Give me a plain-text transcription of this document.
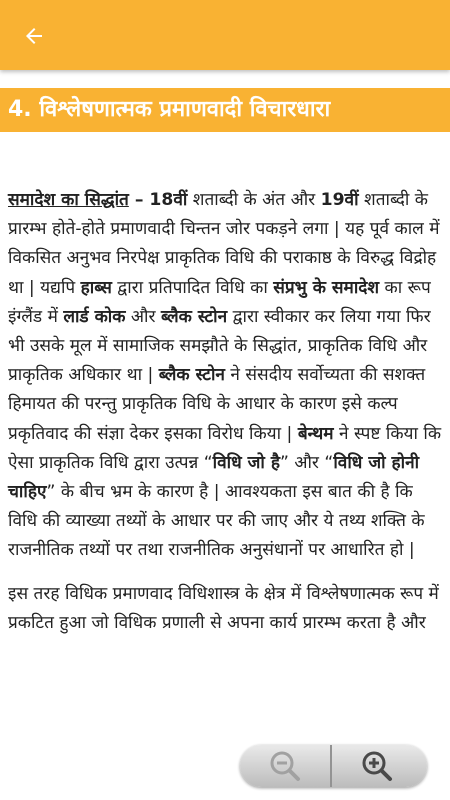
4. विश्लेषणात्मक प्रमाणवादी विचारधारा

समादेश का सिद्धांत – 18वीं शताब्दी के अंत और 19वीं शताब्दी के प्रारम्भ होते-होते प्रमाणवादी चिन्तन जोर पकड़ने लगा | यह पूर्व काल में विकसित अनुभव निरपेक्ष प्राकृतिक विधि की पराकाष्ठ के विरुद्ध विद्रोह था | यद्यपि हाब्स द्वारा प्रतिपादित विधि का संप्रभु के समादेश का रूप इंग्लैंड में लार्ड कोक और ब्लैक स्टोन द्वारा स्वीकार कर लिया गया फिर भी उसके मूल में सामाजिक समझौते के सिद्धांत, प्राकृतिक विधि और प्राकृतिक अधिकार था | ब्लैक स्टोन ने संसदीय सर्वोच्यता की सशक्त हिमायत की परन्तु प्राकृतिक विधि के आधार के कारण इसे कल्प प्रकृतिवाद की संज्ञा देकर इसका विरोध किया | बेन्थम ने स्पष्ट किया कि ऐसा प्राकृतिक विधि द्वारा उत्पन्न “विधि जो है” और “विधि जो होनी चाहिए” के बीच भ्रम के कारण है | आवश्यकता इस बात की है कि विधि की व्याख्या तथ्यों के आधार पर की जाए और ये तथ्य शक्ति के राजनीतिक तथ्यों पर तथा राजनीतिक अनुसंधानों पर आधारित हो |

इस तरह विधिक प्रमाणवाद विधिशास्त्र के क्षेत्र में विश्लेषणात्मक रूप में प्रकटित हुआ जो विधिक प्रणाली से अपना कार्य प्रारम्भ करता है और
